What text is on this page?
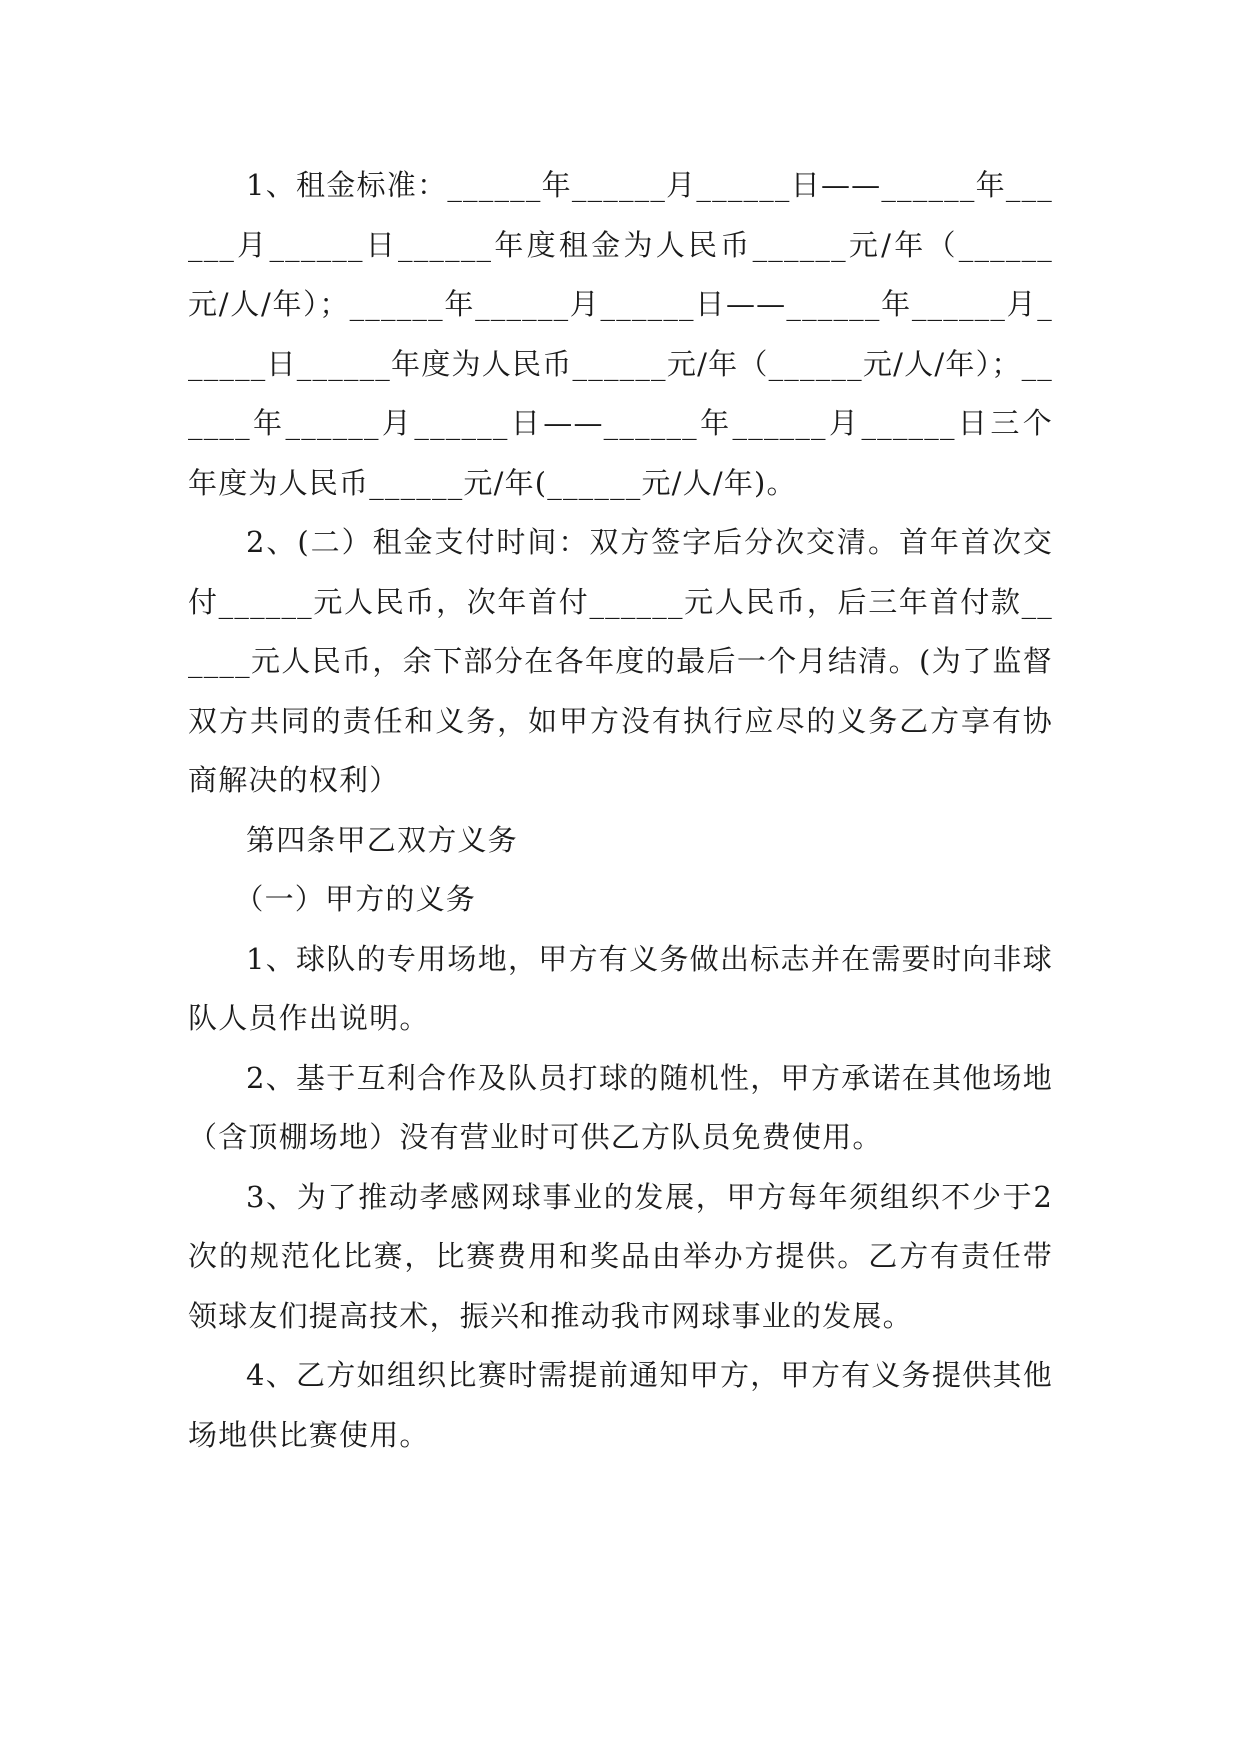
1、租金标准：______年______月______日——______年______月______日______年度租金为人民币______元/年（______元/人/年）；______年______月______日——______年______月______日______年度为人民币______元/年（______元/人/年）；______年______月______日——______年______月______日三个年度为人民币______元/年(______元/人/年)。

2、(二）租金支付时间：双方签字后分次交清。首年首次交付______元人民币，次年首付______元人民币，后三年首付款______元人民币，余下部分在各年度的最后一个月结清。(为了监督双方共同的责任和义务，如甲方没有执行应尽的义务乙方享有协商解决的权利）

第四条甲乙双方义务

（一）甲方的义务

1、球队的专用场地，甲方有义务做出标志并在需要时向非球队人员作出说明。

2、基于互利合作及队员打球的随机性，甲方承诺在其他场地（含顶棚场地）没有营业时可供乙方队员免费使用。

3、为了推动孝感网球事业的发展，甲方每年须组织不少于2次的规范化比赛，比赛费用和奖品由举办方提供。乙方有责任带领球友们提高技术，振兴和推动我市网球事业的发展。

4、乙方如组织比赛时需提前通知甲方，甲方有义务提供其他场地供比赛使用。
